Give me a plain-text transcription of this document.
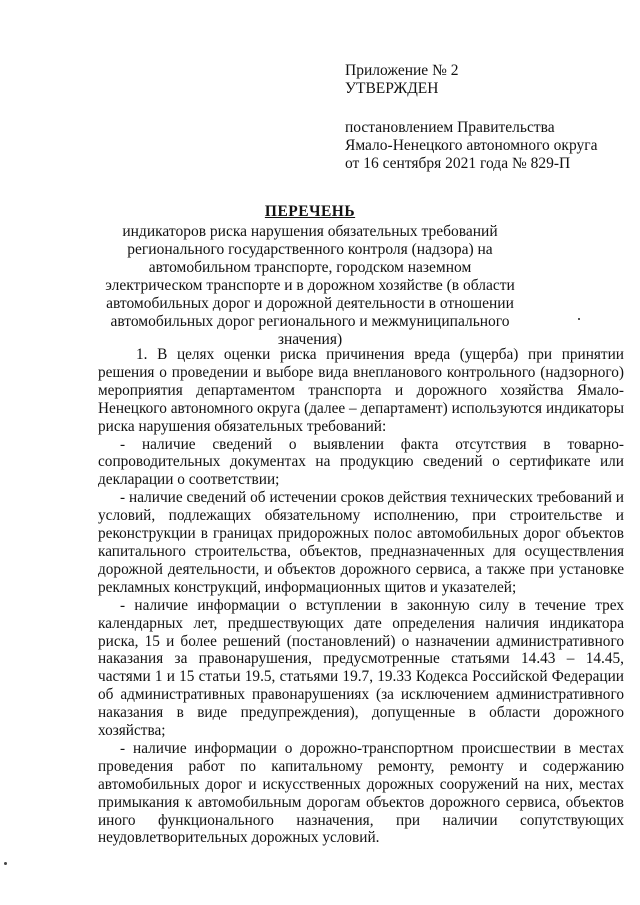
Приложение № 2
УТВЕРЖДЕН
постановлением Правительства
Ямало-Ненецкого автономного округа
от 16 сентября 2021 года № 829-П
ПЕРЕЧЕНЬ
индикаторов риска нарушения обязательных требований регионального государственного контроля (надзора) на автомобильном транспорте, городском наземном электрическом транспорте и в дорожном хозяйстве (в области автомобильных дорог и дорожной деятельности в отношении автомобильных дорог регионального и межмуниципального значения)

1. В целях оценки риска причинения вреда (ущерба) при принятии решения о проведении и выборе вида внепланового контрольного (надзорного) мероприятия департаментом транспорта и дорожного хозяйства Ямало-Ненецкого автономного округа (далее – департамент) используются индикаторы риска нарушения обязательных требований:

- наличие сведений о выявлении факта отсутствия в товарно-сопроводительных документах на продукцию сведений о сертификате или декларации о соответствии;

- наличие сведений об истечении сроков действия технических требований и условий, подлежащих обязательному исполнению, при строительстве и реконструкции в границах придорожных полос автомобильных дорог объектов капитального строительства, объектов, предназначенных для осуществления дорожной деятельности, и объектов дорожного сервиса, а также при установке рекламных конструкций, информационных щитов и указателей;

- наличие информации о вступлении в законную силу в течение трех календарных лет, предшествующих дате определения наличия индикатора риска, 15 и более решений (постановлений) о назначении административного наказания за правонарушения, предусмотренные статьями 14.43 – 14.45, частями 1 и 15 статьи 19.5, статьями 19.7, 19.33 Кодекса Российской Федерации об административных правонарушениях (за исключением административного наказания в виде предупреждения), допущенные в области дорожного хозяйства;

- наличие информации о дорожно-транспортном происшествии в местах проведения работ по капитальному ремонту, ремонту и содержанию автомобильных дорог и искусственных дорожных сооружений на них, местах примыкания к автомобильным дорогам объектов дорожного сервиса, объектов иного функционального назначения, при наличии сопутствующих неудовлетворительных дорожных условий.
